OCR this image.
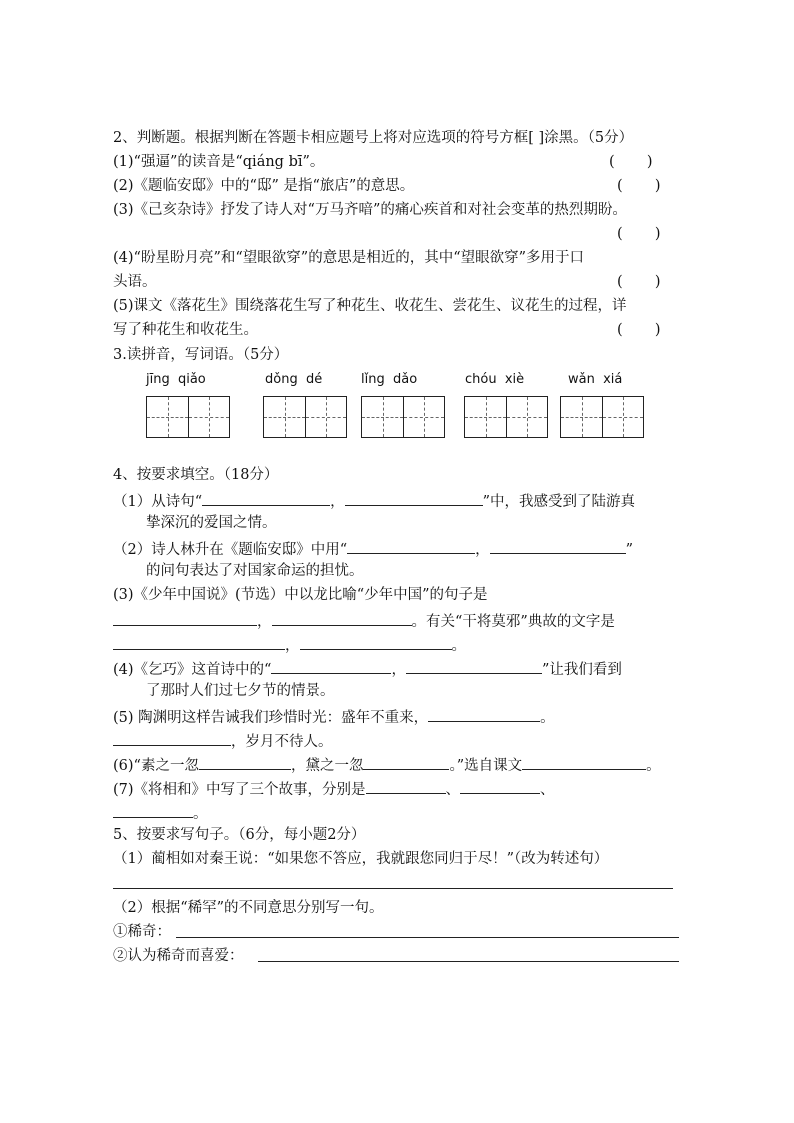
2、判断题。根据判断在答题卡相应题号上将对应选项的符号方框[ ]涂黑。（5分）
(1)“强逼”的读音是“qiáng bī”。	(       )
(2)《题临安邸》中的“邸” 是指“旅店”的意思。	(       )
(3)《己亥杂诗》抒发了诗人对“万马齐喑”的痛心疾首和对社会变革的热烈期盼。
(       )
(4)“盼星盼月亮”和“望眼欲穿”的意思是相近的，其中“望眼欲穿”多用于口
头语。	(       )
(5)课文《落花生》围绕落花生写了种花生、收花生、尝花生、议花生的过程，详
写了种花生和收花生。	(       )
3.读拼音，写词语。（5分）
jīng  qiǎo	dǒng  dé	lǐng  dǎo	chóu  xiè	wǎn  xiá
4、按要求填空。（18分）
（1）从诗句“	，	”中，我感受到了陆游真
挚深沉的爱国之情。
（2）诗人林升在《题临安邸》中用“	，	”
的问句表达了对国家命运的担忧。
(3)《少年中国说》(节选）中以龙比喻“少年中国”的句子是
，	。有关“干将莫邪”典故的文字是
，	。
(4)《乞巧》这首诗中的“	，	”让我们看到
了那时人们过七夕节的情景。
(5) 陶渊明这样告诫我们珍惜时光：盛年不重来，	。
，岁月不待人。
(6)“素之一忽	，黛之一忽	。”选自课文	。
(7)《将相和》中写了三个故事，分别是	、	、
。
5、按要求写句子。（6分，每小题2分）
（1）蔺相如对秦王说：“如果您不答应，我就跟您同归于尽！”（改为转述句）
（2）根据“稀罕”的不同意思分别写一句。
①稀奇：
②认为稀奇而喜爱：
